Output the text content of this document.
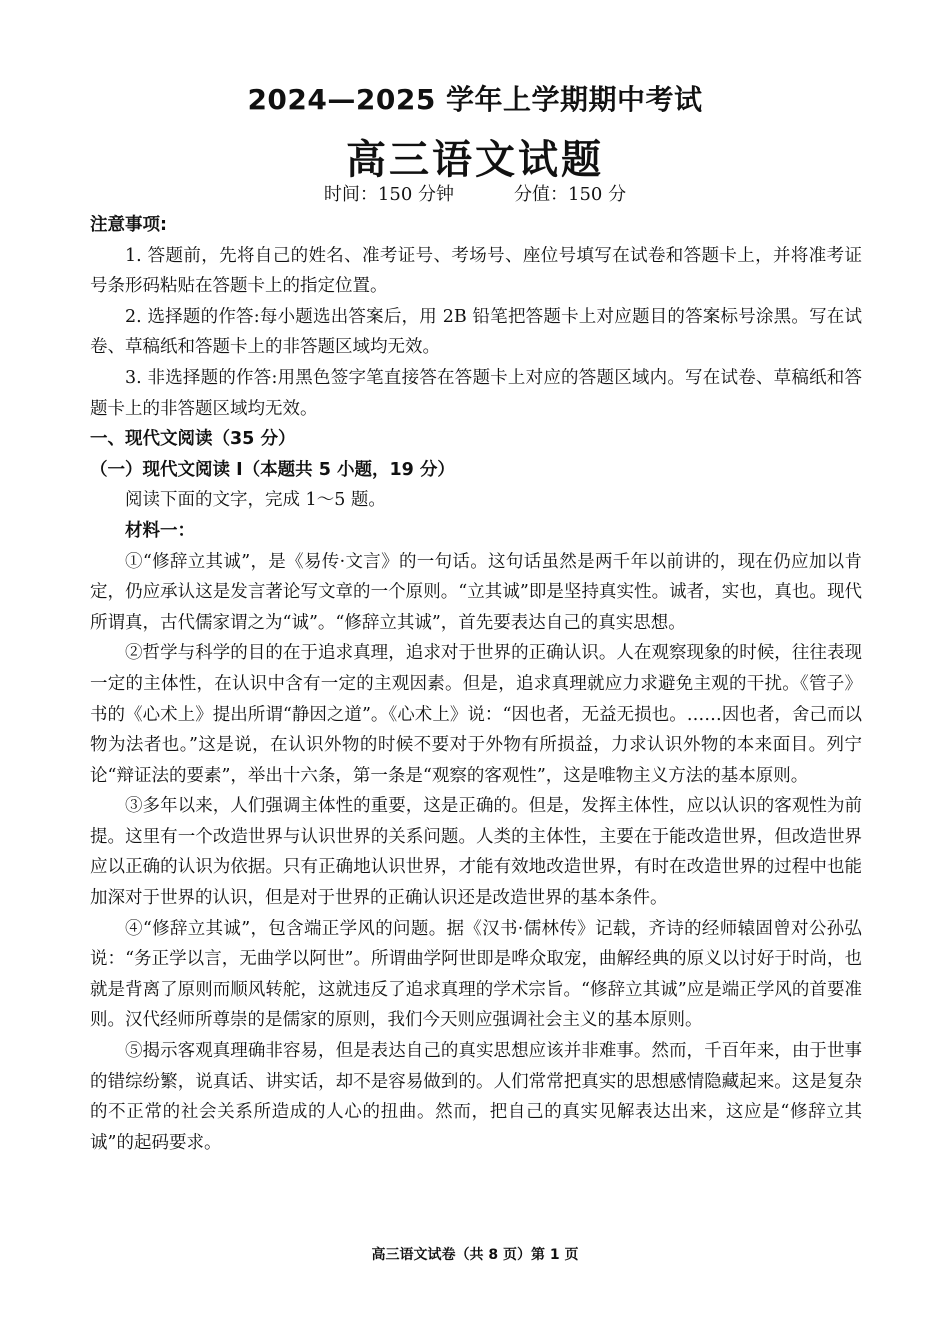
2024—2025 学年上学期期中考试
高三语文试题
时间：150 分钟	分值：150 分

注意事项:

1. 答题前，先将自己的姓名、准考证号、考场号、座位号填写在试卷和答题卡上，并将准考证号条形码粘贴在答题卡上的指定位置。

2. 选择题的作答:每小题选出答案后，用 2B 铅笔把答题卡上对应题目的答案标号涂黑。写在试卷、草稿纸和答题卡上的非答题区域均无效。

3. 非选择题的作答:用黑色签字笔直接答在答题卡上对应的答题区域内。写在试卷、草稿纸和答题卡上的非答题区域均无效。

一、现代文阅读（35 分）

（一）现代文阅读 I（本题共 5 小题，19 分）

阅读下面的文字，完成 1～5 题。

材料一：

①“修辞立其诚”，是《易传·文言》的一句话。这句话虽然是两千年以前讲的，现在仍应加以肯定，仍应承认这是发言著论写文章的一个原则。“立其诚”即是坚持真实性。诚者，实也，真也。现代所谓真，古代儒家谓之为“诚”。“修辞立其诚”，首先要表达自己的真实思想。

②哲学与科学的目的在于追求真理，追求对于世界的正确认识。人在观察现象的时候，往往表现一定的主体性，在认识中含有一定的主观因素。但是，追求真理就应力求避免主观的干扰。《管子》书的《心术上》提出所谓“静因之道”。《心术上》说：“因也者，无益无损也。……因也者，舍己而以物为法者也。”这是说，在认识外物的时候不要对于外物有所损益，力求认识外物的本来面目。列宁论“辩证法的要素”，举出十六条，第一条是“观察的客观性”，这是唯物主义方法的基本原则。

③多年以来，人们强调主体性的重要，这是正确的。但是，发挥主体性，应以认识的客观性为前提。这里有一个改造世界与认识世界的关系问题。人类的主体性，主要在于能改造世界，但改造世界应以正确的认识为依据。只有正确地认识世界，才能有效地改造世界，有时在改造世界的过程中也能加深对于世界的认识，但是对于世界的正确认识还是改造世界的基本条件。

④“修辞立其诚”，包含端正学风的问题。据《汉书·儒林传》记载，齐诗的经师辕固曾对公孙弘说：“务正学以言，无曲学以阿世”。所谓曲学阿世即是哗众取宠，曲解经典的原义以讨好于时尚，也就是背离了原则而顺风转舵，这就违反了追求真理的学术宗旨。“修辞立其诚”应是端正学风的首要准则。汉代经师所尊崇的是儒家的原则，我们今天则应强调社会主义的基本原则。

⑤揭示客观真理确非容易，但是表达自己的真实思想应该并非难事。然而，千百年来，由于世事的错综纷繁，说真话、讲实话，却不是容易做到的。人们常常把真实的思想感情隐藏起来。这是复杂的不正常的社会关系所造成的人心的扭曲。然而，把自己的真实见解表达出来，这应是“修辞立其诚”的起码要求。

高三语文试卷（共 8 页）第 1 页
